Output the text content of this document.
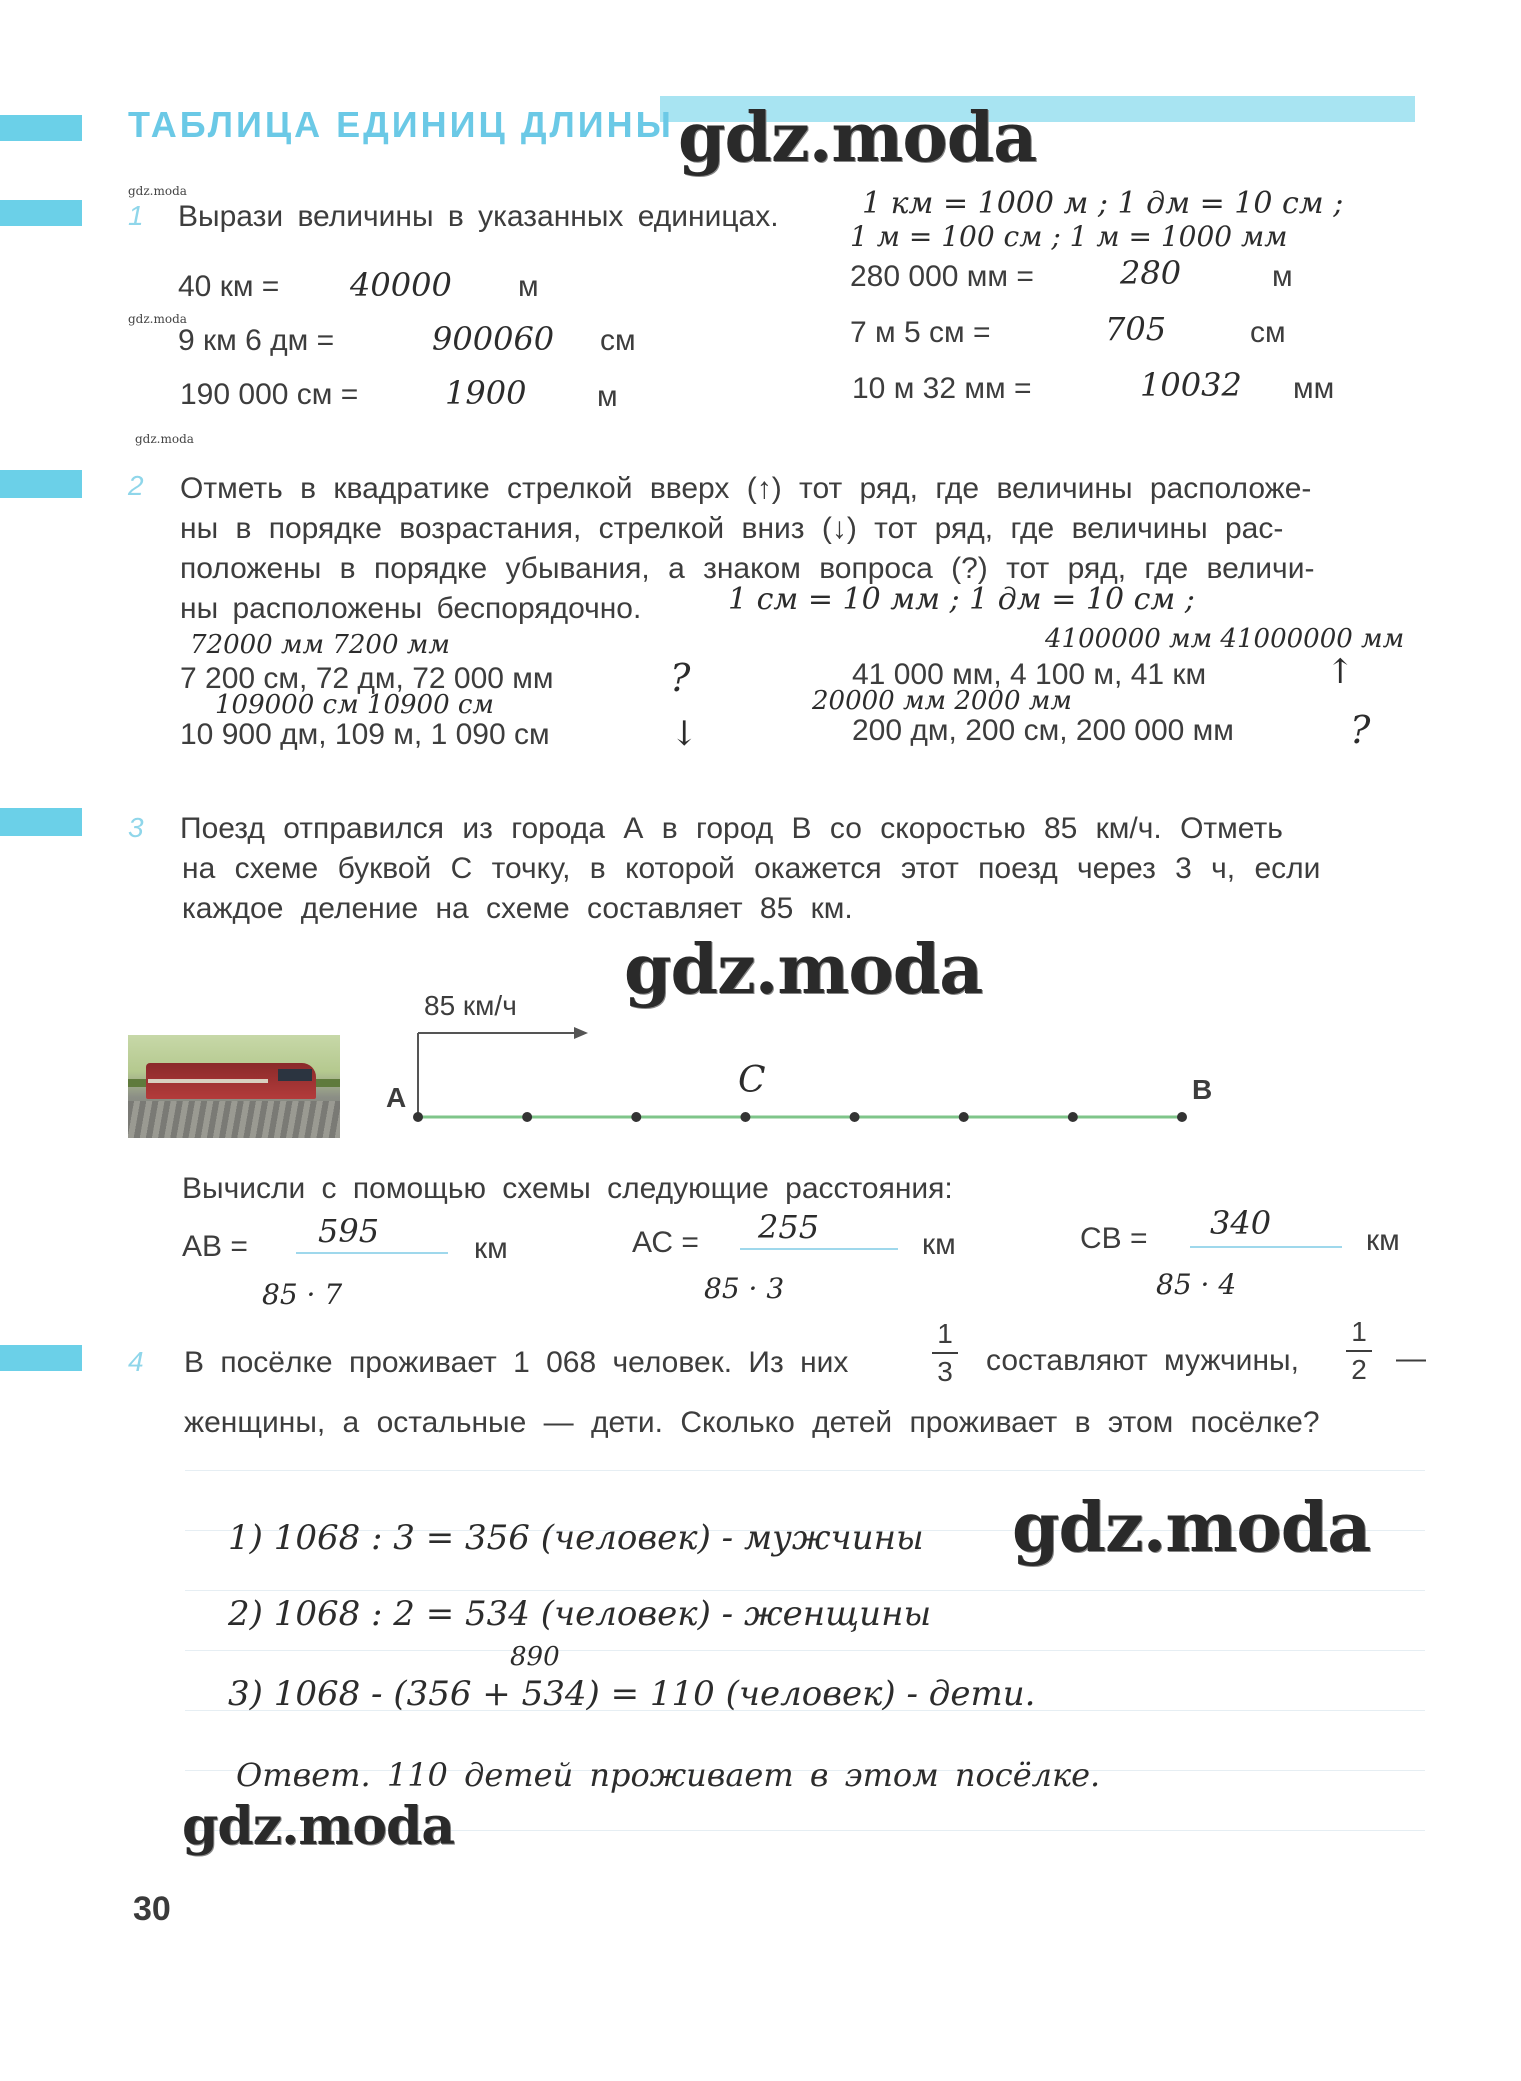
ТАБЛИЦА ЕДИНИЦ ДЛИНЫ gdz.moda
gdz.moda
1 Вырази величины в указанных единицах.	1 км = 1000 м ; 1 дм = 10 см ;
1 м = 100 см ; 1 м = 1000 мм
40 км = 40000 м
gdz.moda
9 км 6 дм =	900060 см
190 000 см =	1900 м
280 000 мм =	280	м
7 м 5 см =	705	см
10 м 32 мм =	10032 мм
gdz.moda
2 Отметь в квадратике стрелкой вверх (↑) тот ряд, где величины расположе-
ны в порядке возрастания, стрелкой вниз (↓) тот ряд, где величины рас-
положены в порядке убывания, а знаком вопроса (?) тот ряд, где величи-
ны расположены беспорядочно.	1 см = 10 мм ; 1 дм = 10 см ;
72000 мм 7200 мм
7 200 см, 72 дм, 72 000 мм	?
109000 см 10900 см
10 900 дм, 109 м, 1 090 см	↓
4100000 мм 41000000 мм
41 000 мм, 4 100 м, 41 км	↑
20000 мм 2000 мм
200 дм, 200 см, 200 000 мм	?
3 Поезд отправился из города А в город В со скоростью 85 км/ч. Отметь
на схеме буквой С точку, в которой окажется этот поезд через 3 ч, если
каждое деление на схеме составляет 85 км.
gdz.moda
85 км/ч
A	B
C
Вычисли с помощью схемы следующие расстояния:
АВ = 595	км
85 · 7
АС = 255	км
85 · 3
СВ = 340	км
85 · 4
4 В посёлке проживает 1 068 человек. Из них
1
3 составляют мужчины,
1
2 —
женщины, а остальные — дети. Сколько детей проживает в этом посёлке?
1) 1068 : 3 = 356 (человек) - мужчины
2) 1068 : 2 = 534 (человек) - женщины
890
3) 1068 - (356 + 534) = 110 (человек) - дети.
Ответ. 110 детей проживает в этом посёлке.
gdz.moda
gdz.moda
30
